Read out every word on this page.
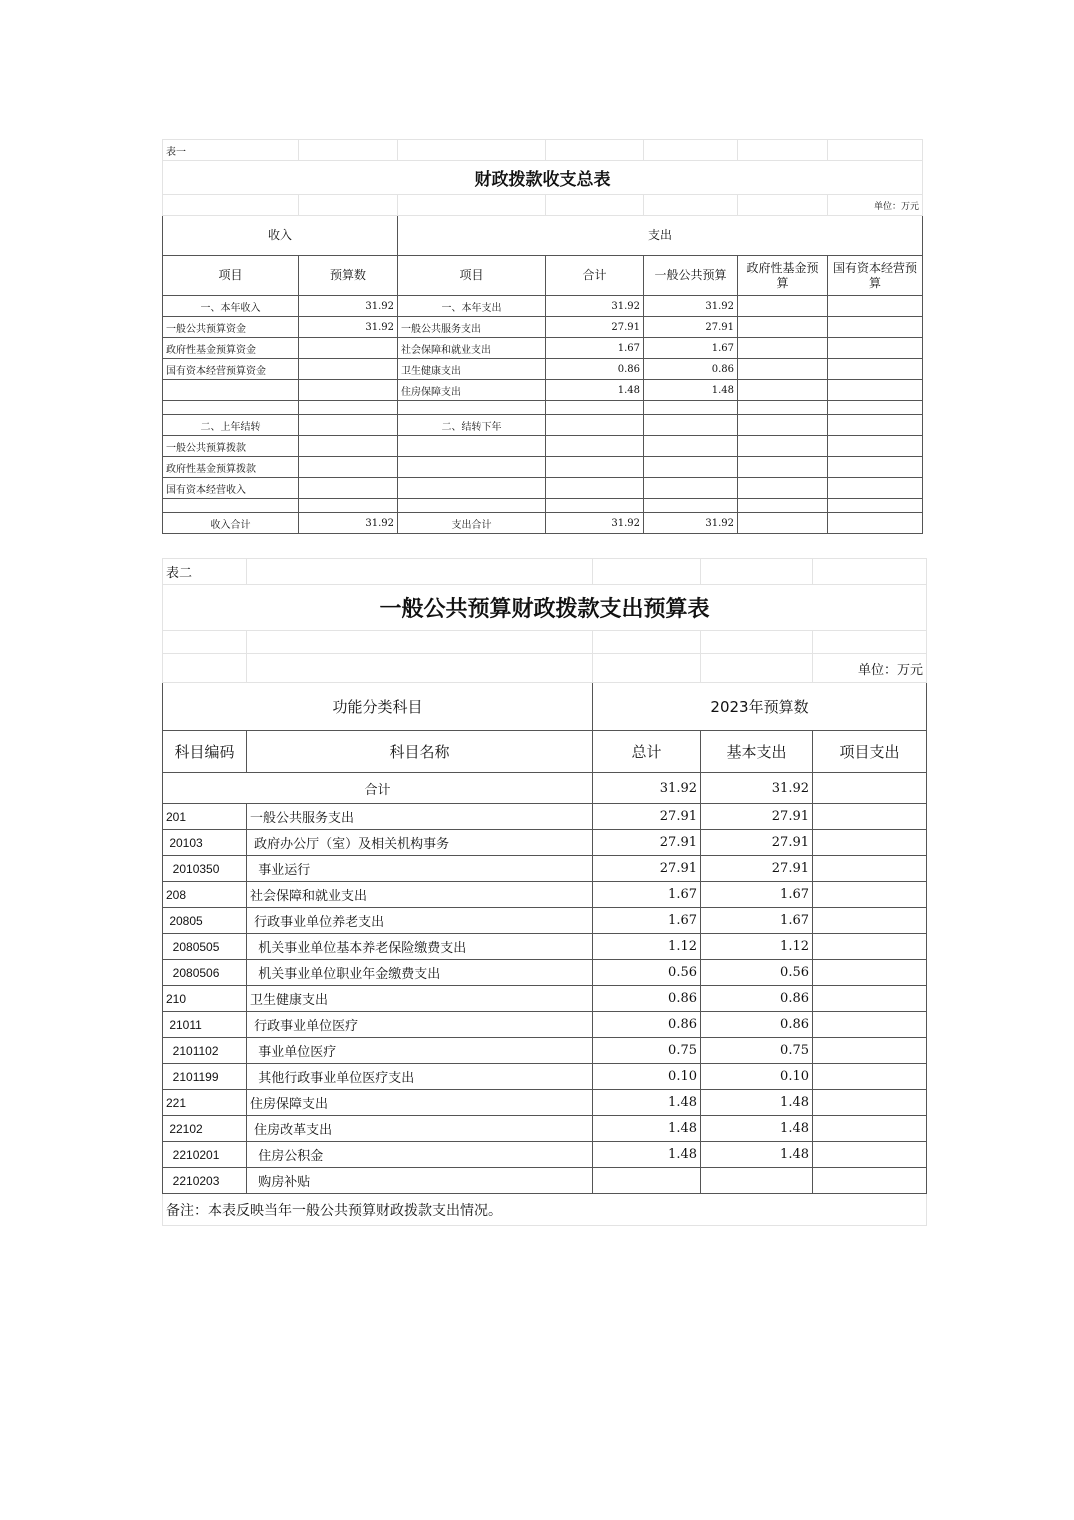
表一						
财政拨款收支总表						
						单位：万元
收入		支出				
项目	预算数	项目	合计	一般公共预算	政府性基金预算	国有资本经营预算
一、本年收入	31.92	一、本年支出	31.92	31.92		
一般公共预算资金	31.92	一般公共服务支出	27.91	27.91		
政府性基金预算资金		社会保障和就业支出	1.67	1.67		
国有资本经营预算资金		卫生健康支出	0.86	0.86		
		住房保障支出	1.48	1.48		

二、上年结转		二、结转下年				
一般公共预算拨款						
政府性基金预算拨款						
国有资本经营收入						

收入合计	31.92	支出合计	31.92	31.92		
表二				
一般公共预算财政拨款支出预算表				

				单位：万元
功能分类科目		2023年预算数		
科目编码	科目名称	总计	基本支出	项目支出
合计		31.92	31.92	
201	一般公共服务支出	27.91	27.91	
20103	政府办公厅（室）及相关机构事务	27.91	27.91	
2010350	事业运行	27.91	27.91	
208	社会保障和就业支出	1.67	1.67	
20805	行政事业单位养老支出	1.67	1.67	
2080505	机关事业单位基本养老保险缴费支出	1.12	1.12	
2080506	机关事业单位职业年金缴费支出	0.56	0.56	
210	卫生健康支出	0.86	0.86	
21011	行政事业单位医疗	0.86	0.86	
2101102	事业单位医疗	0.75	0.75	
2101199	其他行政事业单位医疗支出	0.10	0.10	
221	住房保障支出	1.48	1.48	
22102	住房改革支出	1.48	1.48	
2210201	住房公积金	1.48	1.48	
2210203	购房补贴			
备注：本表反映当年一般公共预算财政拨款支出情况。				
